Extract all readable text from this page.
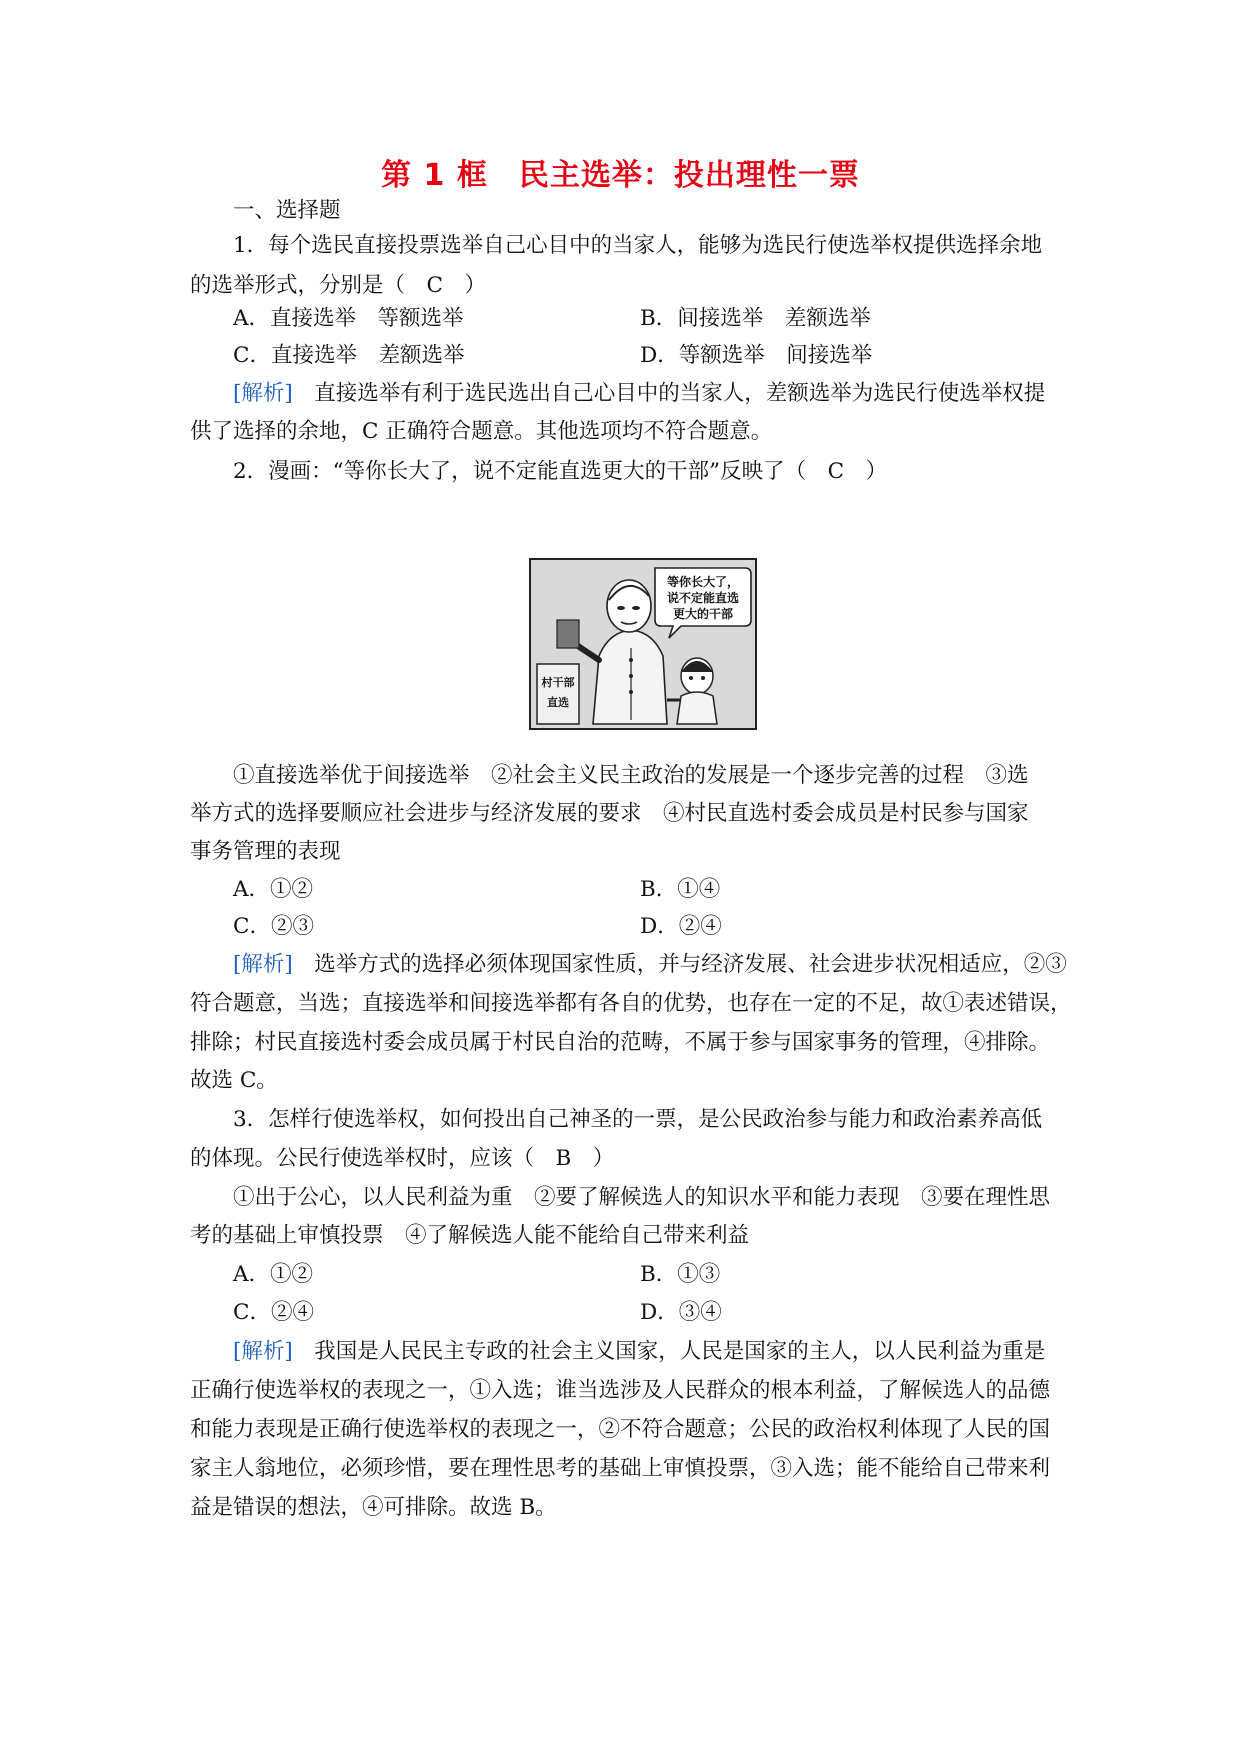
第 1 框　民主选举：投出理性一票
一、选择题
1．每个选民直接投票选举自己心目中的当家人，能够为选民行使选举权提供选择余地
的选举形式，分别是（　C　）
A．直接选举　等额选举	B．间接选举　差额选举
C．直接选举　差额选举	D．等额选举　间接选举
[解析]　直接选举有利于选民选出自己心目中的当家人，差额选举为选民行使选举权提
供了选择的余地，C 正确符合题意。其他选项均不符合题意。
2．漫画：“等你长大了，说不定能直选更大的干部”反映了（　C　）
等你长大了，
说不定能直选
更大的干部
村干部
直选
①直接选举优于间接选举　②社会主义民主政治的发展是一个逐步完善的过程　③选
举方式的选择要顺应社会进步与经济发展的要求　④村民直选村委会成员是村民参与国家
事务管理的表现
A．①②	B．①④
C．②③	D．②④
[解析]　选举方式的选择必须体现国家性质，并与经济发展、社会进步状况相适应，②③
符合题意，当选；直接选举和间接选举都有各自的优势，也存在一定的不足，故①表述错误，
排除；村民直接选村委会成员属于村民自治的范畴，不属于参与国家事务的管理，④排除。
故选 C。
3．怎样行使选举权，如何投出自己神圣的一票，是公民政治参与能力和政治素养高低
的体现。公民行使选举权时，应该（　B　）
①出于公心，以人民利益为重　②要了解候选人的知识水平和能力表现　③要在理性思
考的基础上审慎投票　④了解候选人能不能给自己带来利益
A．①②	B．①③
C．②④	D．③④
[解析]　我国是人民民主专政的社会主义国家，人民是国家的主人，以人民利益为重是
正确行使选举权的表现之一，①入选；谁当选涉及人民群众的根本利益，了解候选人的品德
和能力表现是正确行使选举权的表现之一，②不符合题意；公民的政治权利体现了人民的国
家主人翁地位，必须珍惜，要在理性思考的基础上审慎投票，③入选；能不能给自己带来利
益是错误的想法，④可排除。故选 B。
